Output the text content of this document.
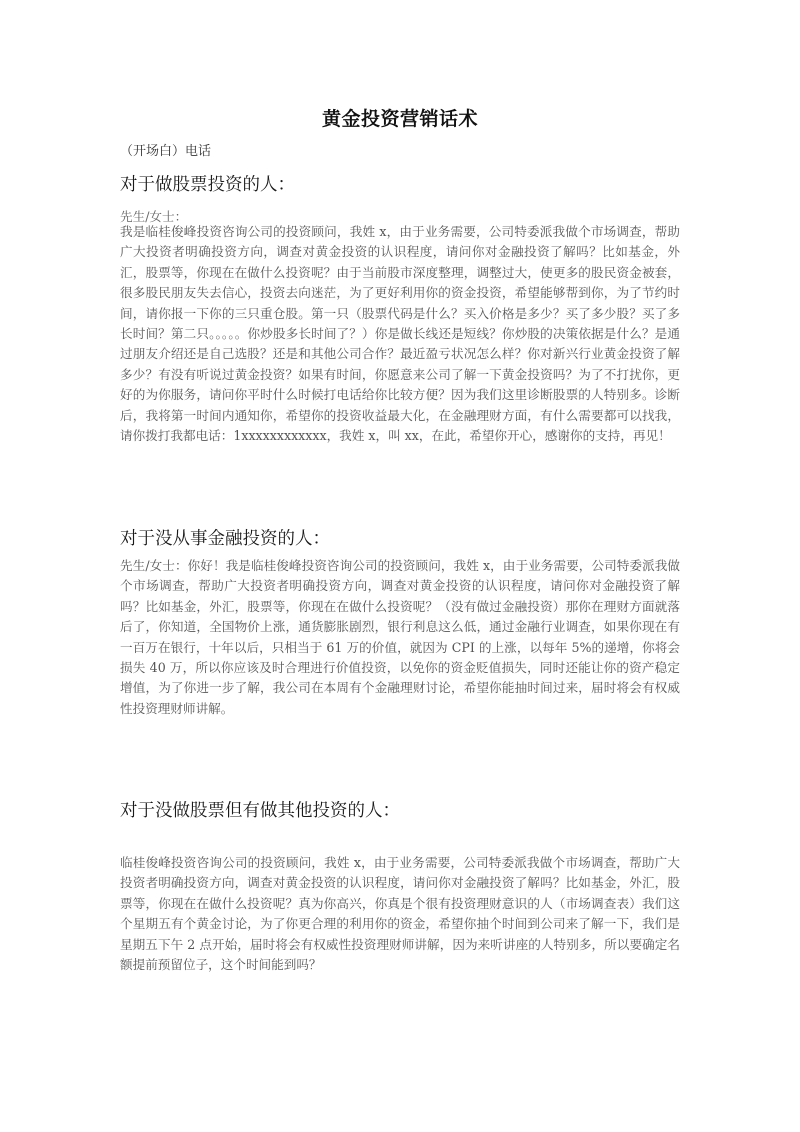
黄金投资营销话术

（开场白）电话

对于做股票投资的人：

先生/女士：

我是临桂俊峰投资咨询公司的投资顾问，我姓 x，由于业务需要，公司特委派我做个市场调查，帮助广大投资者明确投资方向，调查对黄金投资的认识程度，请问你对金融投资了解吗？比如基金，外汇，股票等，你现在在做什么投资呢？由于当前股市深度整理，调整过大，使更多的股民资金被套，很多股民朋友失去信心，投资去向迷茫，为了更好利用你的资金投资，希望能够帮到你，为了节约时间，请你报一下你的三只重仓股。第一只（股票代码是什么？买入价格是多少？买了多少股？买了多长时间？第二只。。。。。你炒股多长时间了？）你是做长线还是短线？你炒股的决策依据是什么？是通过朋友介绍还是自己选股？还是和其他公司合作？最近盈亏状况怎么样？你对新兴行业黄金投资了解多少？有没有听说过黄金投资？如果有时间，你愿意来公司了解一下黄金投资吗？为了不打扰你，更好的为你服务，请问你平时什么时候打电话给你比较方便？因为我们这里诊断股票的人特别多。诊断后，我将第一时间内通知你，希望你的投资收益最大化，在金融理财方面，有什么需要都可以找我，请你拨打我都电话：1xxxxxxxxxxxx，我姓 x，叫 xx，在此，希望你开心，感谢你的支持，再见！

对于没从事金融投资的人：

先生/女士：你好！我是临桂俊峰投资咨询公司的投资顾问，我姓 x，由于业务需要，公司特委派我做个市场调查，帮助广大投资者明确投资方向，调查对黄金投资的认识程度，请问你对金融投资了解吗？比如基金，外汇，股票等，你现在在做什么投资呢？（没有做过金融投资）那你在理财方面就落后了，你知道，全国物价上涨，通货膨胀剧烈，银行利息这么低，通过金融行业调查，如果你现在有一百万在银行，十年以后，只相当于 61 万的价值，就因为 CPI 的上涨，以每年 5%的递增，你将会损失 40 万，所以你应该及时合理进行价值投资，以免你的资金贬值损失，同时还能让你的资产稳定增值，为了你进一步了解，我公司在本周有个金融理财讨论，希望你能抽时间过来，届时将会有权威性投资理财师讲解。

对于没做股票但有做其他投资的人：

临桂俊峰投资咨询公司的投资顾问，我姓 x，由于业务需要，公司特委派我做个市场调查，帮助广大投资者明确投资方向，调查对黄金投资的认识程度，请问你对金融投资了解吗？比如基金，外汇，股票等，你现在在做什么投资呢？真为你高兴，你真是个很有投资理财意识的人（市场调查表）我们这个星期五有个黄金讨论，为了你更合理的利用你的资金，希望你抽个时间到公司来了解一下，我们是星期五下午 2 点开始，届时将会有权威性投资理财师讲解，因为来听讲座的人特别多，所以要确定名额提前预留位子，这个时间能到吗？
